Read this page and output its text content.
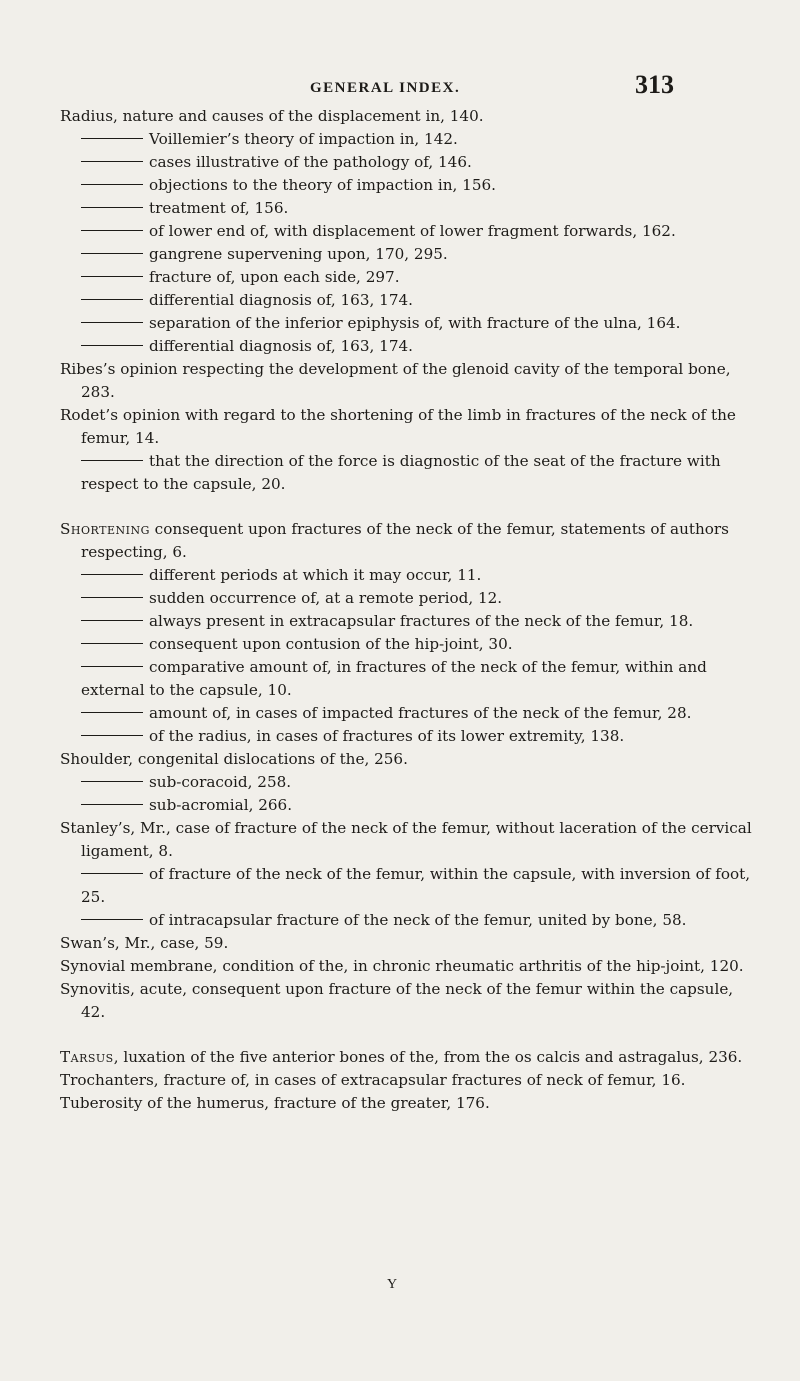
GENERAL INDEX.	313

Radius, nature and causes of the displacement in, 140.

Voillemier’s theory of impaction in, 142.

cases illustrative of the pathology of, 146.

objections to the theory of impaction in, 156.

treatment of, 156.

of lower end of, with displacement of lower fragment forwards, 162.

gangrene supervening upon, 170, 295.

fracture of, upon each side, 297.

differential diagnosis of, 163, 174.

separation of the inferior epiphysis of, with fracture of the ulna, 164.

differential diagnosis of, 163, 174.

Ribes’s opinion respecting the development of the glenoid cavity of the temporal bone, 283.

Rodet’s opinion with regard to the shortening of the limb in fractures of the neck of the femur, 14.

that the direction of the force is diagnostic of the seat of the fracture with respect to the capsule, 20.

Shortening consequent upon fractures of the neck of the femur, statements of authors respecting, 6.

different periods at which it may occur, 11.

sudden occurrence of, at a remote period, 12.

always present in extracapsular fractures of the neck of the femur, 18.

consequent upon contusion of the hip-joint, 30.

comparative amount of, in fractures of the neck of the femur, within and external to the capsule, 10.

amount of, in cases of impacted fractures of the neck of the femur, 28.

of the radius, in cases of fractures of its lower extremity, 138.

Shoulder, congenital dislocations of the, 256.

sub-coracoid, 258.

sub-acromial, 266.

Stanley’s, Mr., case of fracture of the neck of the femur, without laceration of the cervical ligament, 8.

of fracture of the neck of the femur, within the capsule, with inversion of foot, 25.

of intracapsular fracture of the neck of the femur, united by bone, 58.

Swan’s, Mr., case, 59.

Synovial membrane, condition of the, in chronic rheumatic arthritis of the hip-joint, 120.

Synovitis, acute, consequent upon fracture of the neck of the femur within the capsule, 42.

Tarsus, luxation of the five anterior bones of the, from the os calcis and astragalus, 236.

Trochanters, fracture of, in cases of extracapsular fractures of neck of femur, 16.

Tuberosity of the humerus, fracture of the greater, 176.

Y
